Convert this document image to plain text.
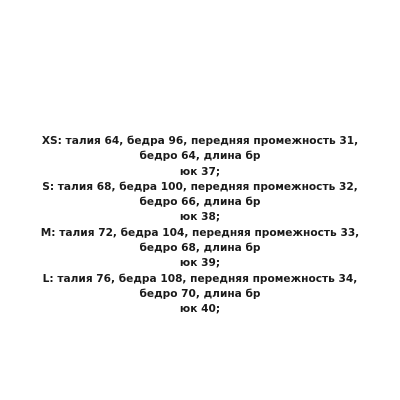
XS: талия 64, бедра 96, передняя промежность 31, бедро 64, длина бр
юк 37;
S: талия 68, бедра 100, передняя промежность 32, бедро 66, длина бр
юк 38;
M: талия 72, бедра 104, передняя промежность 33, бедро 68, длина бр
юк 39;
L: талия 76, бедра 108, передняя промежность 34, бедро 70, длина бр
юк 40;
